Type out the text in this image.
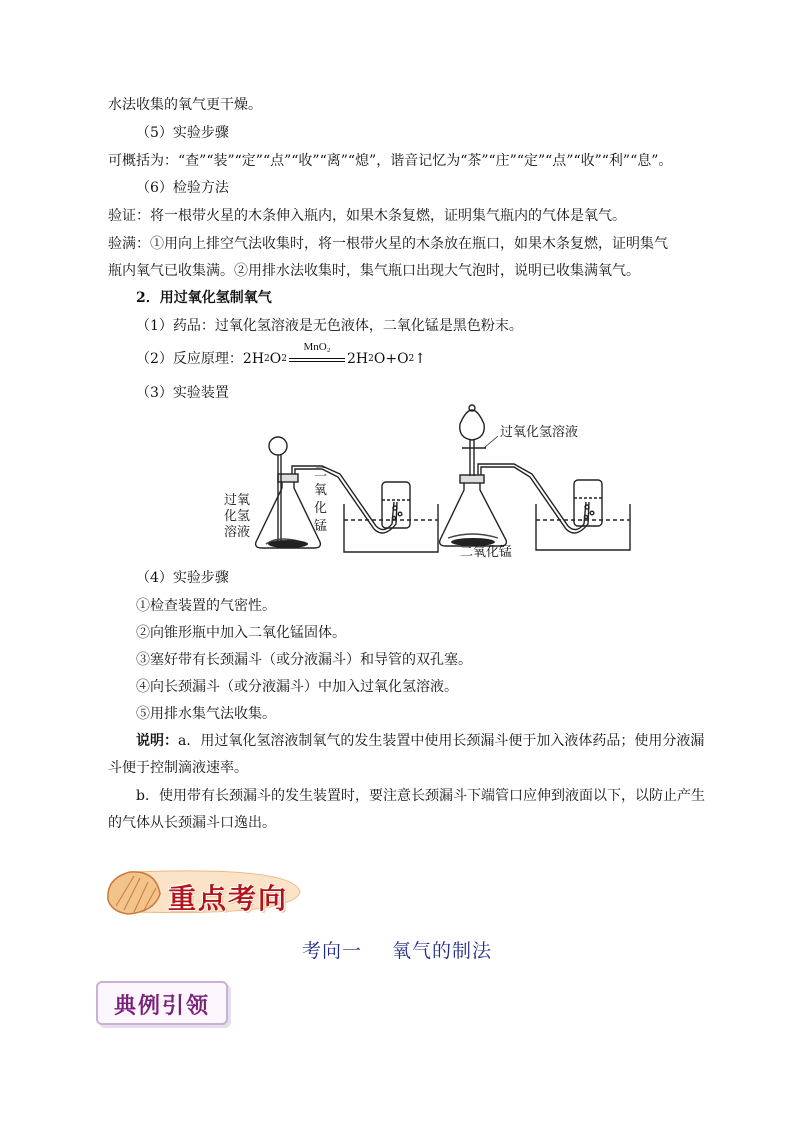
水法收集的氧气更干燥。
（5）实验步骤
可概括为：“查”“装”“定”“点”“收”“离”“熄”，谐音记忆为“茶”“庄”“定”“点”“收”“利”“息”。
（6）检验方法
验证：将一根带火星的木条伸入瓶内，如果木条复燃，证明集气瓶内的气体是氧气。
验满：①用向上排空气法收集时，将一根带火星的木条放在瓶口，如果木条复燃，证明集气
瓶内氧气已收集满。②用排水法收集时，集气瓶口出现大气泡时，说明已收集满氧气。
2．用过氧化氢制氧气
（1）药品：过氧化氢溶液是无色液体，二氧化锰是黑色粉末。
（2）反应原理： 2H 2 O 2
MnO₂
2H 2 O+O 2 ↑
（3）实验装置
过氧
化氢
溶液
二
氧
化
锰
过氧化氢溶液
二氧化锰
（4）实验步骤
①检查装置的气密性。
②向锥形瓶中加入二氧化锰固体。
③塞好带有长颈漏斗（或分液漏斗）和导管的双孔塞。
④向长颈漏斗（或分液漏斗）中加入过氧化氢溶液。
⑤用排水集气法收集。
说明：a．用过氧化氢溶液制氧气的发生装置中使用长颈漏斗便于加入液体药品；使用分液漏
斗便于控制滴液速率。
b．使用带有长颈漏斗的发生装置时，要注意长颈漏斗下端管口应伸到液面以下，以防止产生
的气体从长颈漏斗口逸出。
重点考向
考向一 氧气的制法
典例引领
